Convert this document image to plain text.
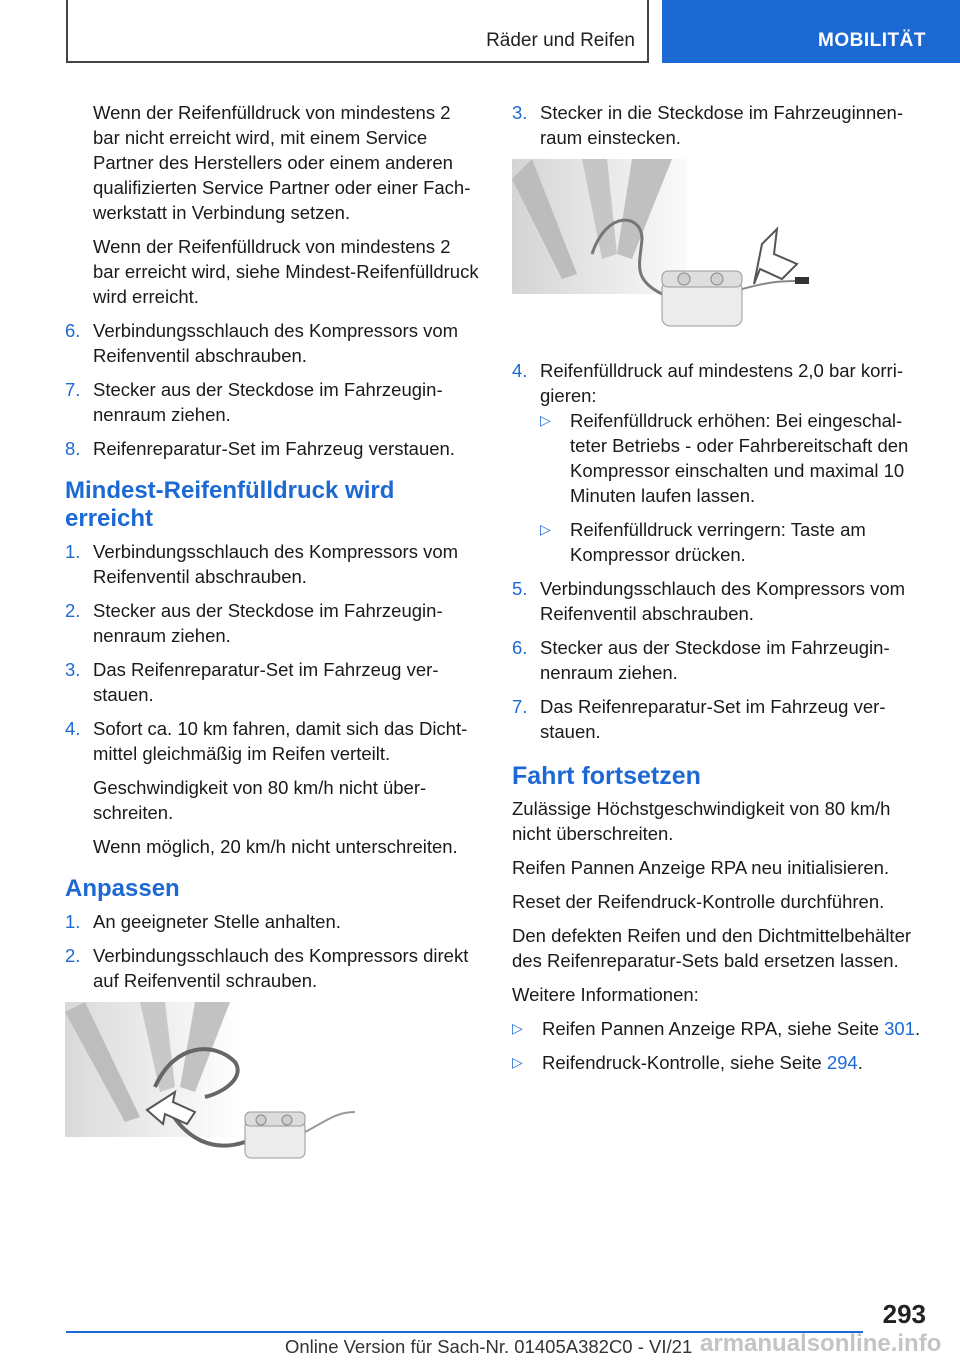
Räder und Reifen	MOBILITÄT

Wenn der Reifenfülldruck von mindestens 2 bar nicht erreicht wird, mit einem Service Partner des Herstellers oder einem anderen qualifizierten Service Partner oder einer Fachwerkstatt in Verbindung setzen.

Wenn der Reifenfülldruck von mindestens 2 bar erreicht wird, siehe Mindest-Reifenfülldruck wird erreicht.

6. Verbindungsschlauch des Kompressors vom Reifenventil abschrauben.
7. Stecker aus der Steckdose im Fahrzeuginnenraum ziehen.
8. Reifenreparatur-Set im Fahrzeug verstauen.
Mindest-Reifenfülldruck wird erreicht
1. Verbindungsschlauch des Kompressors vom Reifenventil abschrauben.
2. Stecker aus der Steckdose im Fahrzeuginnenraum ziehen.
3. Das Reifenreparatur-Set im Fahrzeug verstauen.
4. Sofort ca. 10 km fahren, damit sich das Dichtmittel gleichmäßig im Reifen verteilt.

Geschwindigkeit von 80 km/h nicht überschreiten.

Wenn möglich, 20 km/h nicht unterschreiten.

Anpassen
1. An geeigneter Stelle anhalten.
2. Verbindungsschlauch des Kompressors direkt auf Reifenventil schrauben.
3. Stecker in die Steckdose im Fahrzeuginnenraum einstecken.
4. Reifenfülldruck auf mindestens 2,0 bar korrigieren:
▷ Reifenfülldruck erhöhen: Bei eingeschalteter Betriebs - oder Fahrbereitschaft den Kompressor einschalten und maximal 10 Minuten laufen lassen.
▷ Reifenfülldruck verringern: Taste am Kompressor drücken.
5. Verbindungsschlauch des Kompressors vom Reifenventil abschrauben.
6. Stecker aus der Steckdose im Fahrzeuginnenraum ziehen.
7. Das Reifenreparatur-Set im Fahrzeug verstauen.
Fahrt fortsetzen

Zulässige Höchstgeschwindigkeit von 80 km/h nicht überschreiten.

Reifen Pannen Anzeige RPA neu initialisieren.

Reset der Reifendruck-Kontrolle durchführen.

Den defekten Reifen und den Dichtmittelbehälter des Reifenreparatur-Sets bald ersetzen lassen.

Weitere Informationen:

▷ Reifen Pannen Anzeige RPA, siehe Seite 301.
▷ Reifendruck-Kontrolle, siehe Seite 294.
293
Online Version für Sach-Nr. 01405A382C0 - VI/21 armanualsonline.info
